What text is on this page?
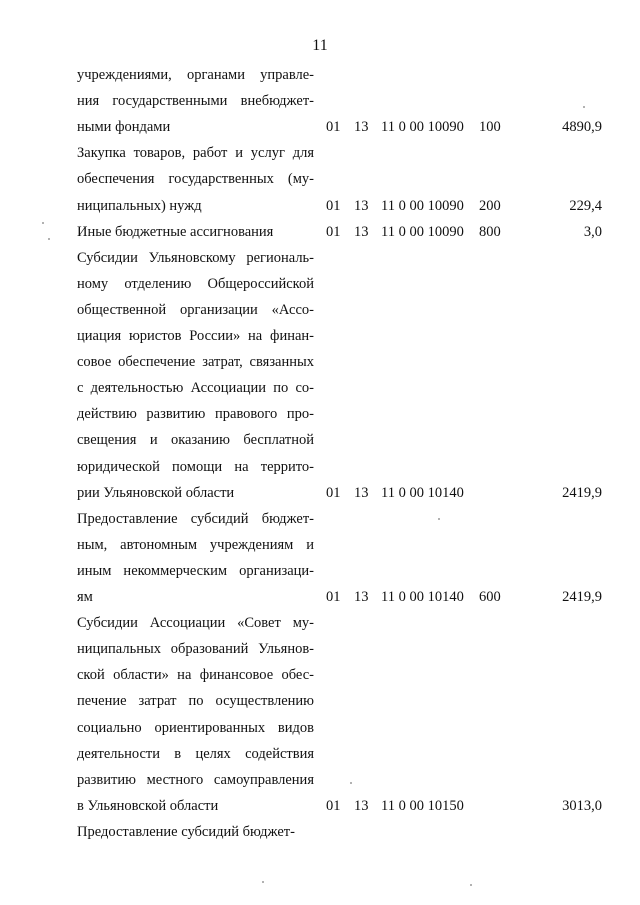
11
учреждениями, органами управле-
ния государственными внебюджет-
ными фондами	01 13 11 0 00 10090 100	4890,9
Закупка товаров, работ и услуг для
обеспечения государственных (му-
ниципальных) нужд	01 13 11 0 00 10090 200	229,4
Иные бюджетные ассигнования	01 13 11 0 00 10090 800	3,0
Субсидии Ульяновскому региональ-
ному отделению Общероссийской
общественной организации «Ассо-
циация юристов России» на финан-
совое обеспечение затрат, связанных
с деятельностью Ассоциации по со-
действию развитию правового про-
свещения и оказанию бесплатной
юридической помощи на террито-
рии Ульяновской области	01 13 11 0 00 10140	2419,9
Предоставление субсидий бюджет-
ным, автономным учреждениям и
иным некоммерческим организаци-
ям	01 13 11 0 00 10140 600	2419,9
Субсидии Ассоциации «Совет му-
ниципальных образований Ульянов-
ской области» на финансовое обес-
печение затрат по осуществлению
социально ориентированных видов
деятельности в целях содействия
развитию местного самоуправления
в Ульяновской области	01 13 11 0 00 10150	3013,0
Предоставление субсидий бюджет-
